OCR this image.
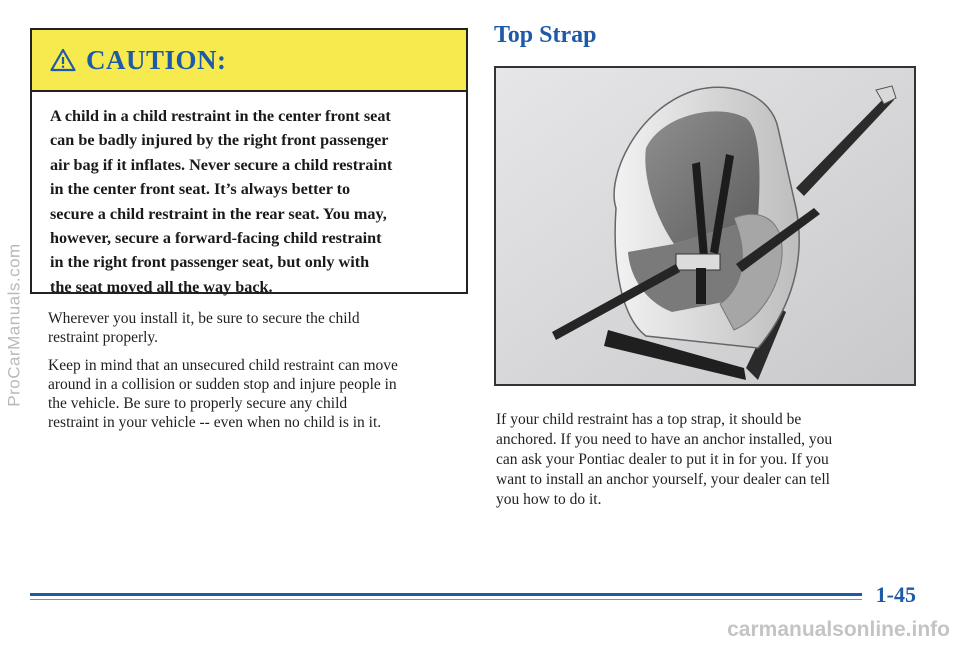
ProCarManuals.com
CAUTION:
A child in a child restraint in the center front seat
can be badly injured by the right front passenger
air bag if it inflates. Never secure a child restraint
in the center front seat. It’s always better to
secure a child restraint in the rear seat. You may,
however, secure a forward-facing child restraint
in the right front passenger seat, but only with
the seat moved all the way back.
Wherever you install it, be sure to secure the child
restraint properly.
Keep in mind that an unsecured child restraint can move
around in a collision or sudden stop and injure people in
the vehicle. Be sure to properly secure any child
restraint in your vehicle -- even when no child is in it.
Top Strap
If your child restraint has a top strap, it should be
anchored. If you need to have an anchor installed, you
can ask your Pontiac dealer to put it in for you. If you
want to install an anchor yourself, your dealer can tell
you how to do it.
1-45
carmanualsonline.info
